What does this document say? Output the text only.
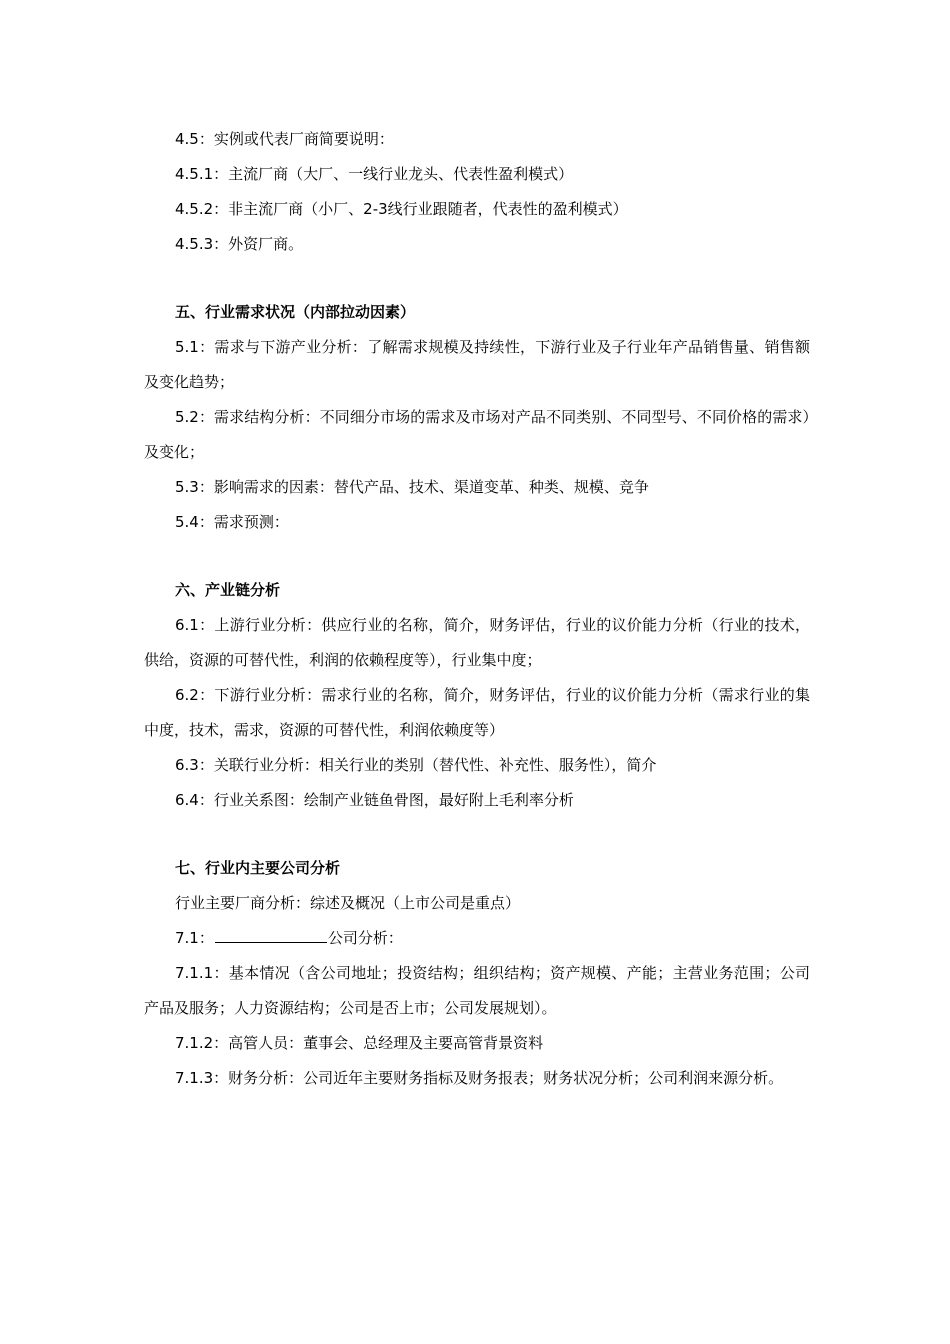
4.5：实例或代表厂商简要说明：

4.5.1：主流厂商（大厂、一线行业龙头、代表性盈利模式）

4.5.2：非主流厂商（小厂、2-3线行业跟随者，代表性的盈利模式）

4.5.3：外资厂商。

五、行业需求状况（内部拉动因素）

5.1：需求与下游产业分析：了解需求规模及持续性，下游行业及子行业年产品销售量、销售额及变化趋势；

5.2：需求结构分析：不同细分市场的需求及市场对产品不同类别、不同型号、不同价格的需求）及变化；

5.3：影响需求的因素：替代产品、技术、渠道变革、种类、规模、竞争

5.4：需求预测：

六、产业链分析

6.1：上游行业分析：供应行业的名称，简介，财务评估，行业的议价能力分析（行业的技术，供给，资源的可替代性，利润的依赖程度等），行业集中度；

6.2：下游行业分析：需求行业的名称，简介，财务评估，行业的议价能力分析（需求行业的集中度，技术，需求，资源的可替代性，利润依赖度等）

6.3：关联行业分析：相关行业的类别（替代性、补充性、服务性），简介

6.4：行业关系图：绘制产业链鱼骨图，最好附上毛利率分析

七、行业内主要公司分析

行业主要厂商分析：综述及概况（上市公司是重点）

7.1：	公司分析：

7.1.1：基本情况（含公司地址；投资结构；组织结构；资产规模、产能；主营业务范围；公司产品及服务；人力资源结构；公司是否上市；公司发展规划）。

7.1.2：高管人员：董事会、总经理及主要高管背景资料

7.1.3：财务分析：公司近年主要财务指标及财务报表；财务状况分析；公司利润来源分析。
